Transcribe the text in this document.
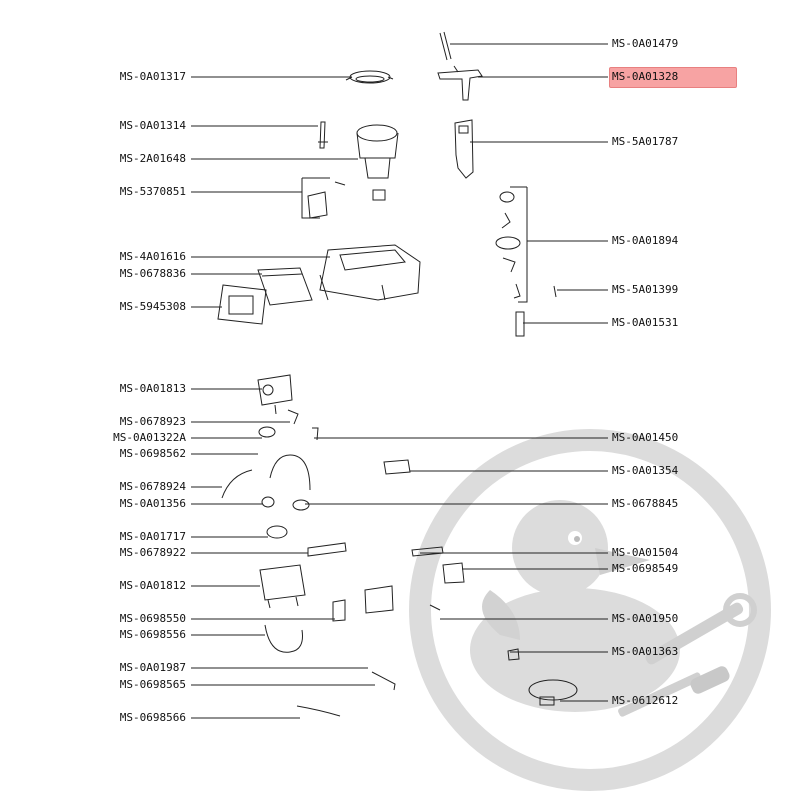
MS-0A01317
MS-0A01314
MS-2A01648
MS-5370851
MS-4A01616
MS-0678836
MS-5945308
MS-0A01813
MS-0678923
MS-0A01322A
MS-0698562
MS-0678924
MS-0A01356
MS-0A01717
MS-0678922
MS-0A01812
MS-0698550
MS-0698556
MS-0A01987
MS-0698565
MS-0698566
MS-0A01479
MS-0A01328
MS-5A01787
MS-0A01894
MS-5A01399
MS-0A01531
MS-0A01450
MS-0A01354
MS-0678845
MS-0A01504
MS-0698549
MS-0A01950
MS-0A01363
MS-0612612
